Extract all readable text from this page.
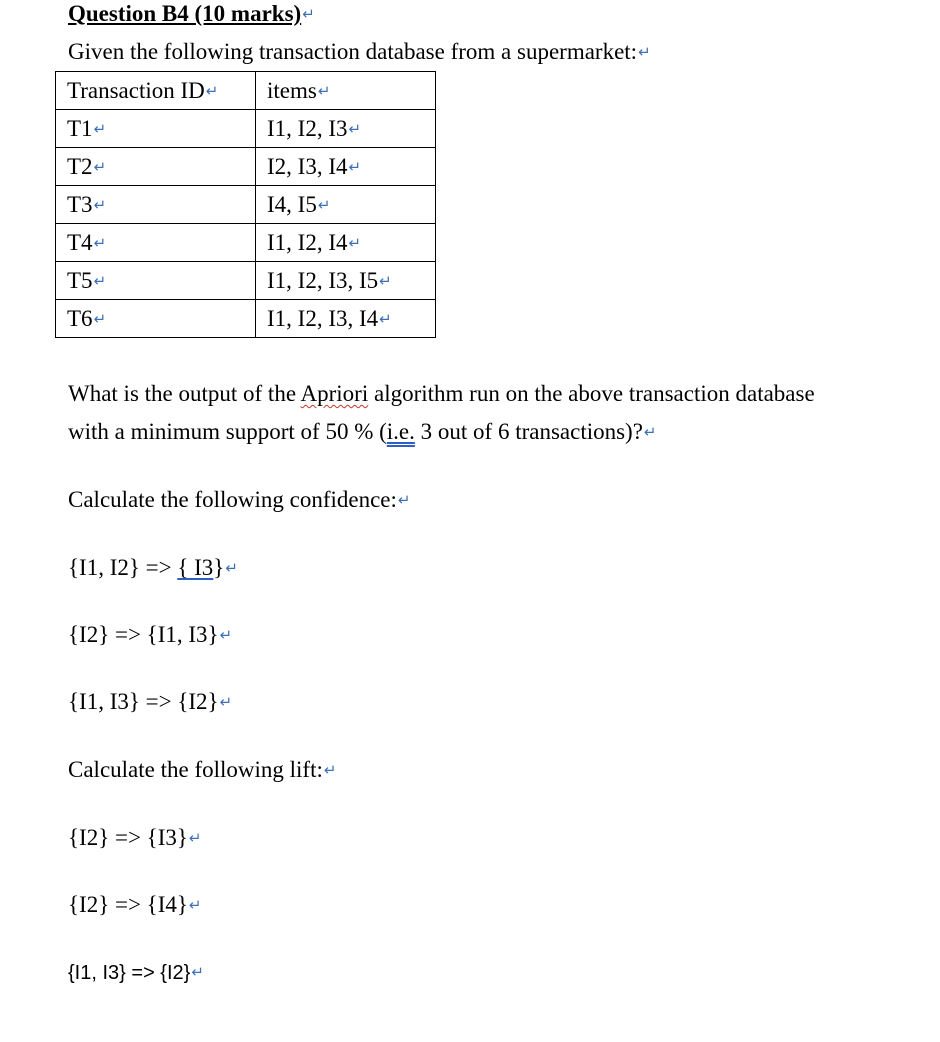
Question B4 (10 marks)↵
Given the following transaction database from a supermarket:↵
Transaction ID↵	items↵
T1↵	I1, I2, I3↵
T2↵	I2, I3, I4↵
T3↵	I4, I5↵
T4↵	I1, I2, I4↵
T5↵	I1, I2, I3, I5↵
T6↵	I1, I2, I3, I4↵
What is the output of the Apriori algorithm run on the above transaction database
with a minimum support of 50 % (i.e. 3 out of 6 transactions)?↵
Calculate the following confidence:↵
{I1, I2} => { I3}↵
{I2} => {I1, I3}↵
{I1, I3} => {I2}↵
Calculate the following lift:↵
{I2} => {I3}↵
{I2} => {I4}↵
{I1, I3} => {I2}↵
